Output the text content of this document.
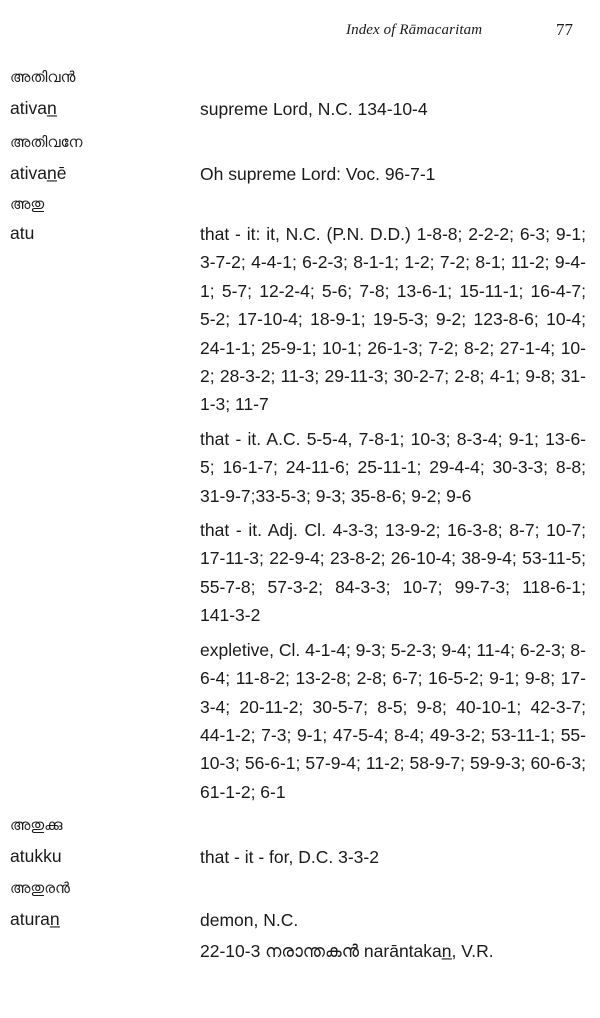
Index of Rāmacaritam	77
അതിവൻ
ativan̲	supreme Lord, N.C. 134-10-4
അതിവനേ
ativan̲ē	Oh supreme Lord: Voc. 96-7-1
അതു
atu	that - it: it, N.C. (P.N. D.D.) 1-8-8; 2-2-2; 6-3; 9-1; 3-7-2; 4-4-1; 6-2-3; 8-1-1; 1-2; 7-2; 8-1; 11-2; 9-4-1; 5-7; 12-2-4; 5-6; 7-8; 13-6-1; 15-11-1; 16-4-7; 5-2; 17-10-4; 18-9-1; 19-5-3; 9-2; 123-8-6; 10-4; 24-1-1; 25-9-1; 10-1; 26-1-3; 7-2; 8-2; 27-1-4; 10-2; 28-3-2; 11-3; 29-11-3; 30-2-7; 2-8; 4-1; 9-8; 31-1-3; 11-7
that - it. A.C. 5-5-4, 7-8-1; 10-3; 8-3-4; 9-1; 13-6-5; 16-1-7; 24-11-6; 25-11-1; 29-4-4; 30-3-3; 8-8; 31-9-7;33-5-3; 9-3; 35-8-6; 9-2; 9-6
that - it. Adj. Cl. 4-3-3; 13-9-2; 16-3-8; 8-7; 10-7; 17-11-3; 22-9-4; 23-8-2; 26-10-4; 38-9-4; 53-11-5; 55-7-8; 57-3-2; 84-3-3; 10-7; 99-7-3; 118-6-1; 141-3-2
expletive, Cl. 4-1-4; 9-3; 5-2-3; 9-4; 11-4; 6-2-3; 8-6-4; 11-8-2; 13-2-8; 2-8; 6-7; 16-5-2; 9-1; 9-8; 17-3-4; 20-11-2; 30-5-7; 8-5; 9-8; 40-10-1; 42-3-7; 44-1-2; 7-3; 9-1; 47-5-4; 8-4; 49-3-2; 53-11-1; 55-10-3; 56-6-1; 57-9-4; 11-2; 58-9-7; 59-9-3; 60-6-3; 61-1-2; 6-1
അതുക്കു
atukku	that - it - for, D.C. 3-3-2
അതുരൻ
aturan̲	demon, N.C.
22-10-3 നരാന്തകൻ narāntakan̲, V.R.
